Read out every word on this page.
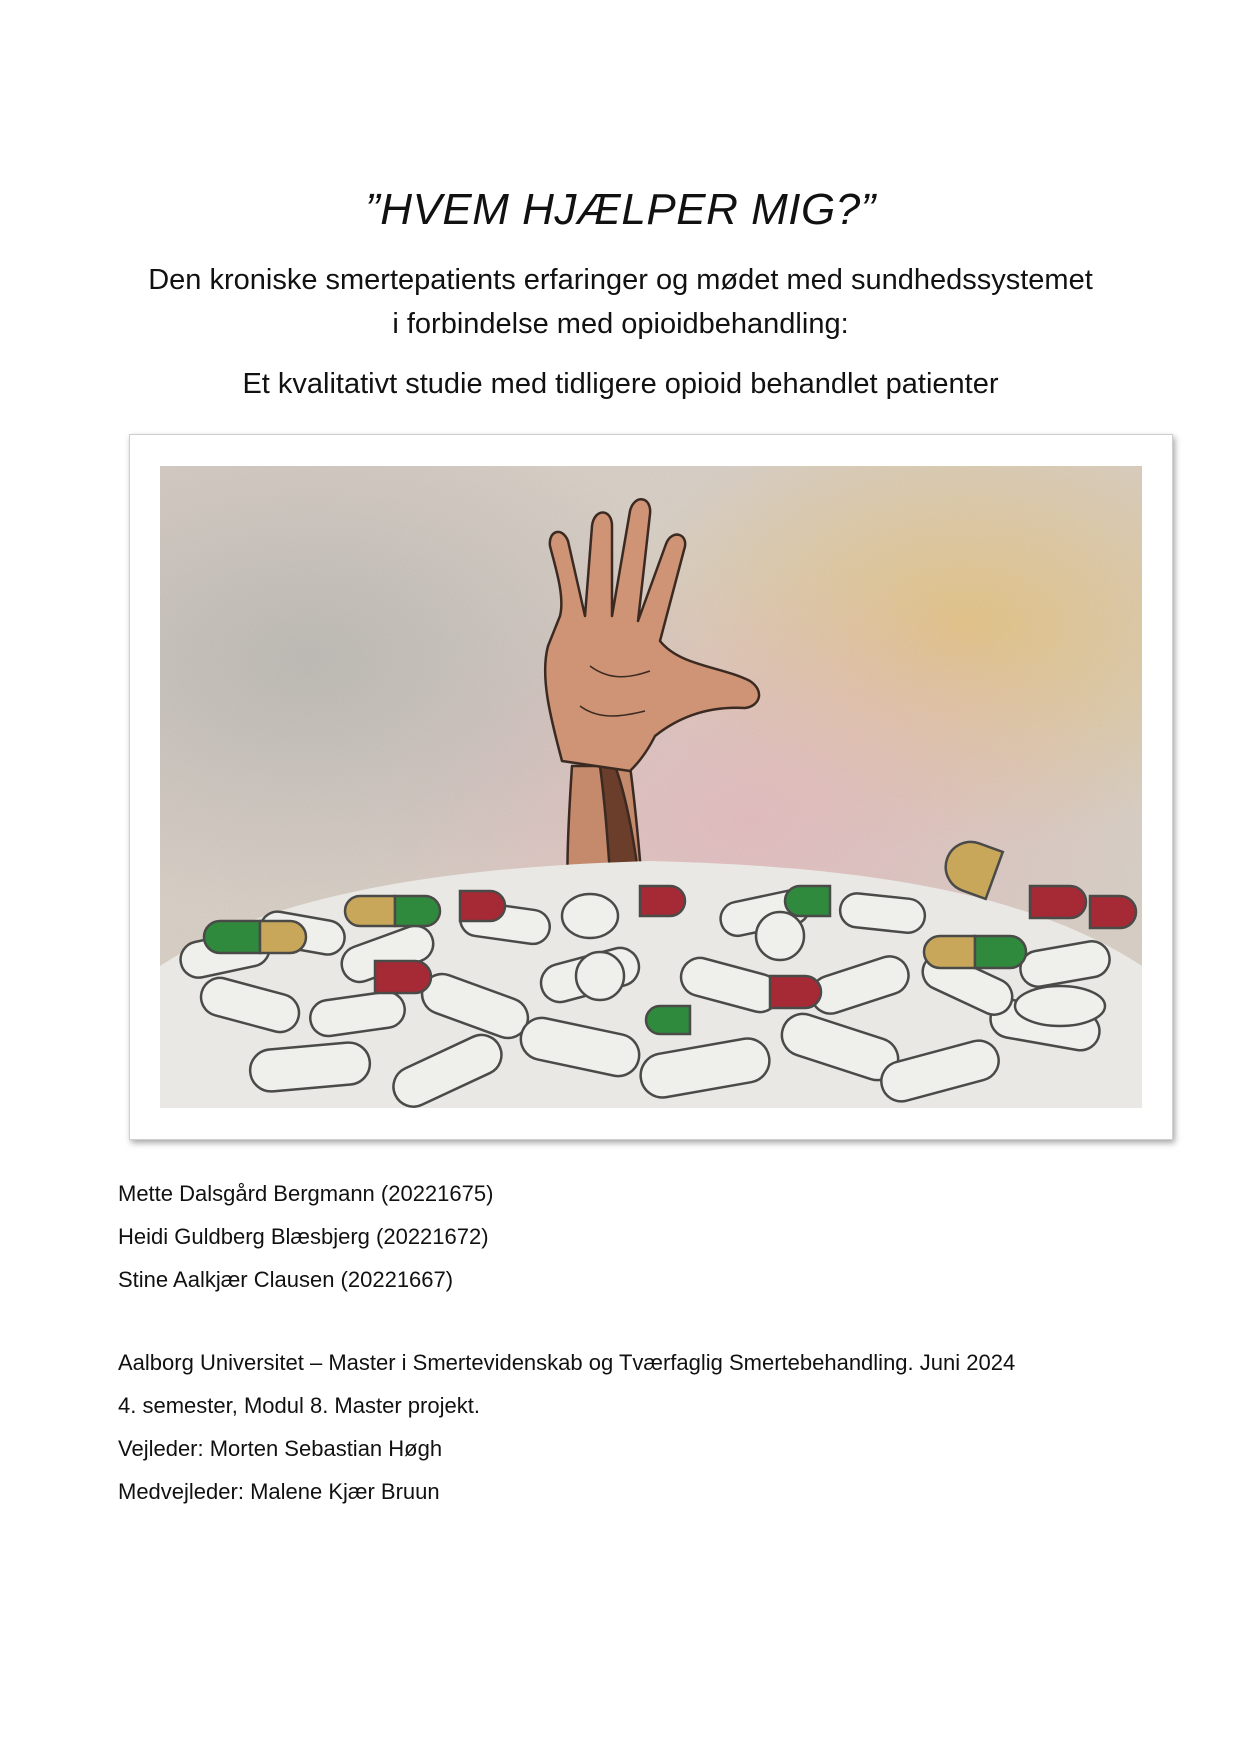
”HVEM HJÆLPER MIG?”
Den kroniske smertepatients erfaringer og mødet med sundhedssystemet
i forbindelse med opioidbehandling:
Et kvalitativt studie med tidligere opioid behandlet patienter
Mette Dalsgård Bergmann (20221675)
Heidi Guldberg Blæsbjerg (20221672)
Stine Aalkjær Clausen (20221667)
Aalborg Universitet – Master i Smertevidenskab og Tværfaglig Smertebehandling. Juni 2024
4. semester, Modul 8. Master projekt.
Vejleder: Morten Sebastian Høgh
Medvejleder: Malene Kjær Bruun
